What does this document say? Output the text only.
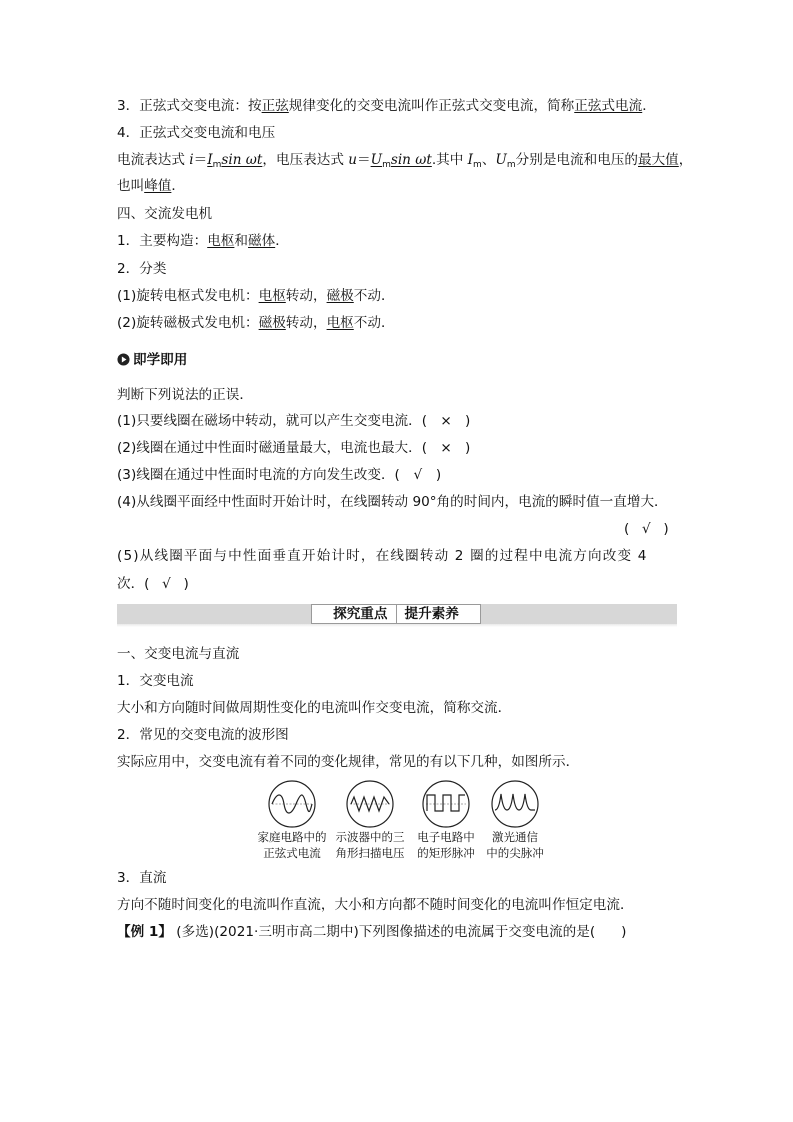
3．正弦式交变电流：按正弦规律变化的交变电流叫作正弦式交变电流，简称正弦式电流．
4．正弦式交变电流和电压
电流表达式 $i=I_m\sin$ ωt，电压表达式 $u=U_m\sin$ ωt.其中 $I_m$、$U_m$分别是电流和电压的最大值，
也叫峰值．
四、交流发电机
1．主要构造：电枢和磁体．
2．分类
(1)旋转电枢式发电机：电枢转动，磁极不动．
(2)旋转磁极式发电机：磁极转动，电枢不动．
即学即用
判断下列说法的正误．
(1)只要线圈在磁场中转动，就可以产生交变电流．( × )
(2)线圈在通过中性面时磁通量最大，电流也最大．( × )
(3)线圈在通过中性面时电流的方向发生改变．( √ )
(4)从线圈平面经中性面时开始计时，在线圈转动 90°角的时间内，电流的瞬时值一直增大．
( √ )
(5)从线圈平面与中性面垂直开始计时，在线圈转动 2 圈的过程中电流方向改变 4
次．( √ )
探究重点 提升素养
一、交变电流与直流
1．交变电流
大小和方向随时间做周期性变化的电流叫作交变电流，简称交流．
2．常见的交变电流的波形图
实际应用中，交变电流有着不同的变化规律，常见的有以下几种，如图所示．
家庭电路中的
正弦式电流
示波器中的三
角形扫描电压
电子电路中
的矩形脉冲
激光通信
中的尖脉冲
3．直流
方向不随时间变化的电流叫作直流，大小和方向都不随时间变化的电流叫作恒定电流．
【例 1】 (多选)(2021·三明市高二期中)下列图像描述的电流属于交变电流的是( )
